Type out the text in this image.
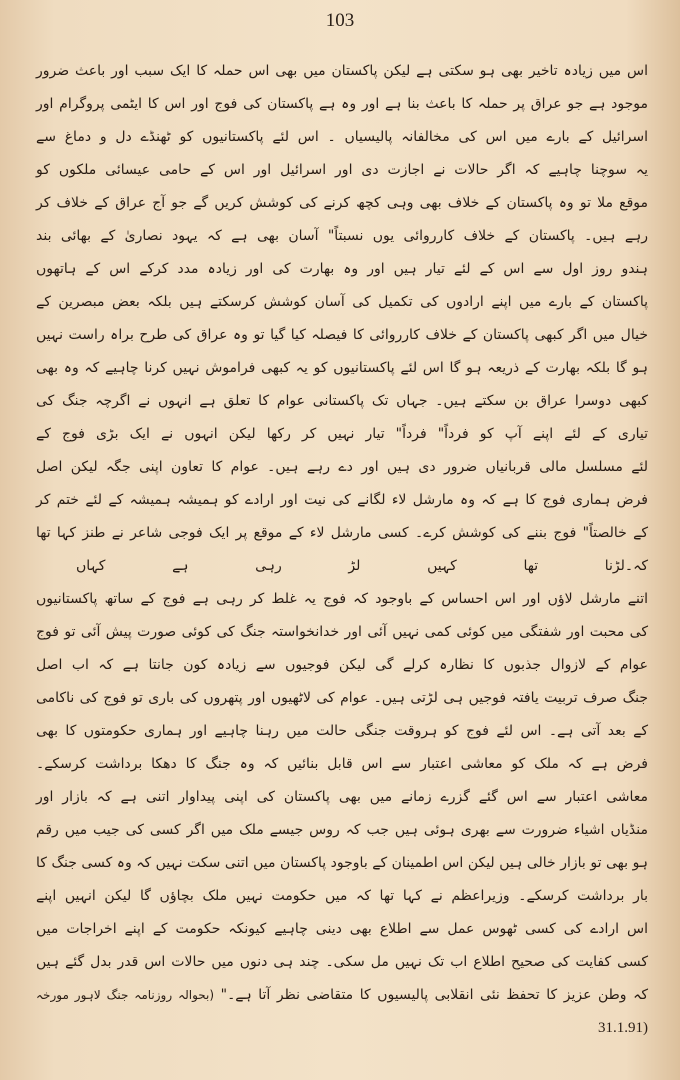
103
اس میں زیادہ تاخیر بھی ہو سکتی ہے لیکن پاکستان میں بھی اس حملہ کا ایک سبب اور باعث ضرور
موجود ہے جو عراق پر حملہ کا باعث بنا ہے اور وہ ہے پاکستان کی فوج اور اس کا ایٹمی پروگرام اور
اسرائیل کے بارے میں اس کی مخالفانہ پالیسیاں ۔ اس لئے پاکستانیوں کو ٹھنڈے دل و دماغ سے
یہ سوچنا چاہیے کہ اگر حالات نے اجازت دی اور اسرائیل اور اس کے حامی عیسائی ملکوں کو
موقع ملا تو وہ پاکستان کے خلاف بھی وہی کچھ کرنے کی کوشش کریں گے جو آج عراق کے خلاف کر
رہے ہیں۔ پاکستان کے خلاف کارروائی یوں نسبتاً" آسان بھی ہے کہ یہود نصاریٰ کے بھائی بند
ہندو روز اول سے اس کے لئے تیار ہیں اور وہ بھارت کی اور زیادہ مدد کرکے اس کے ہاتھوں
پاکستان کے بارے میں اپنے ارادوں کی تکمیل کی آسان کوشش کرسکتے ہیں بلکہ بعض مبصرین کے
خیال میں اگر کبھی پاکستان کے خلاف کارروائی کا فیصلہ کیا گیا تو وہ عراق کی طرح براہ راست نہیں
ہو گا بلکہ بھارت کے ذریعہ ہو گا اس لئے پاکستانیوں کو یہ کبھی فراموش نہیں کرنا چاہیے کہ وہ بھی
کبھی دوسرا عراق بن سکتے ہیں۔ جہاں تک پاکستانی عوام کا تعلق ہے انہوں نے اگرچہ جنگ کی
تیاری کے لئے اپنے آپ کو فرداً" فرداً" تیار نہیں کر رکھا لیکن انہوں نے ایک بڑی فوج کے
لئے مسلسل مالی قربانیاں ضرور دی ہیں اور دے رہے ہیں۔ عوام کا تعاون اپنی جگہ لیکن اصل
فرض ہماری فوج کا ہے کہ وہ مارشل لاء لگانے کی نیت اور ارادے کو ہمیشہ ہمیشہ کے لئے ختم کر
کے خالصتاً" فوج بننے کی کوشش کرے۔ کسی مارشل لاء کے موقع پر ایک فوجی شاعر نے طنز کہا تھا
کہ۔
لڑنا تھا کہیں لڑ رہی ہے کہاں
اتنے مارشل لاؤں اور اس احساس کے باوجود کہ فوج یہ غلط کر رہی ہے فوج کے ساتھ پاکستانیوں
کی محبت اور شفتگی میں کوئی کمی نہیں آئی اور خدانخواستہ جنگ کی کوئی صورت پیش آئی تو فوج
عوام کے لازوال جذبوں کا نظارہ کرلے گی لیکن فوجیوں سے زیادہ کون جانتا ہے کہ اب اصل
جنگ صرف تربیت یافتہ فوجیں ہی لڑتی ہیں۔ عوام کی لاٹھیوں اور پتھروں کی باری تو فوج کی ناکامی
کے بعد آتی ہے۔ اس لئے فوج کو ہروقت جنگی حالت میں رہنا چاہیے اور ہماری حکومتوں کا بھی
فرض ہے کہ ملک کو معاشی اعتبار سے اس قابل بنائیں کہ وہ جنگ کا دھکا برداشت کرسکے۔
معاشی اعتبار سے اس گئے گزرے زمانے میں بھی پاکستان کی اپنی پیداوار اتنی ہے کہ بازار اور
منڈیاں اشیاء ضرورت سے بھری ہوئی ہیں جب کہ روس جیسے ملک میں اگر کسی کی جیب میں رقم
ہو بھی تو بازار خالی ہیں لیکن اس اطمینان کے باوجود پاکستان میں اتنی سکت نہیں کہ وہ کسی جنگ کا
بار برداشت کرسکے۔ وزیراعظم نے کہا تھا کہ میں حکومت نہیں ملک بچاؤں گا لیکن انہیں اپنے
اس ارادے کی کسی ٹھوس عمل سے اطلاع بھی دینی چاہیے کیونکہ حکومت کے اپنے اخراجات میں
کسی کفایت کی صحیح اطلاع اب تک نہیں مل سکی۔ چند ہی دنوں میں حالات اس قدر بدل گئے ہیں
کہ وطن عزیز کا تحفظ نئی انقلابی پالیسیوں کا متقاضی نظر آتا ہے۔" (بحوالہ روزنامہ جنگ لاہور مورخہ 31.1.91)
